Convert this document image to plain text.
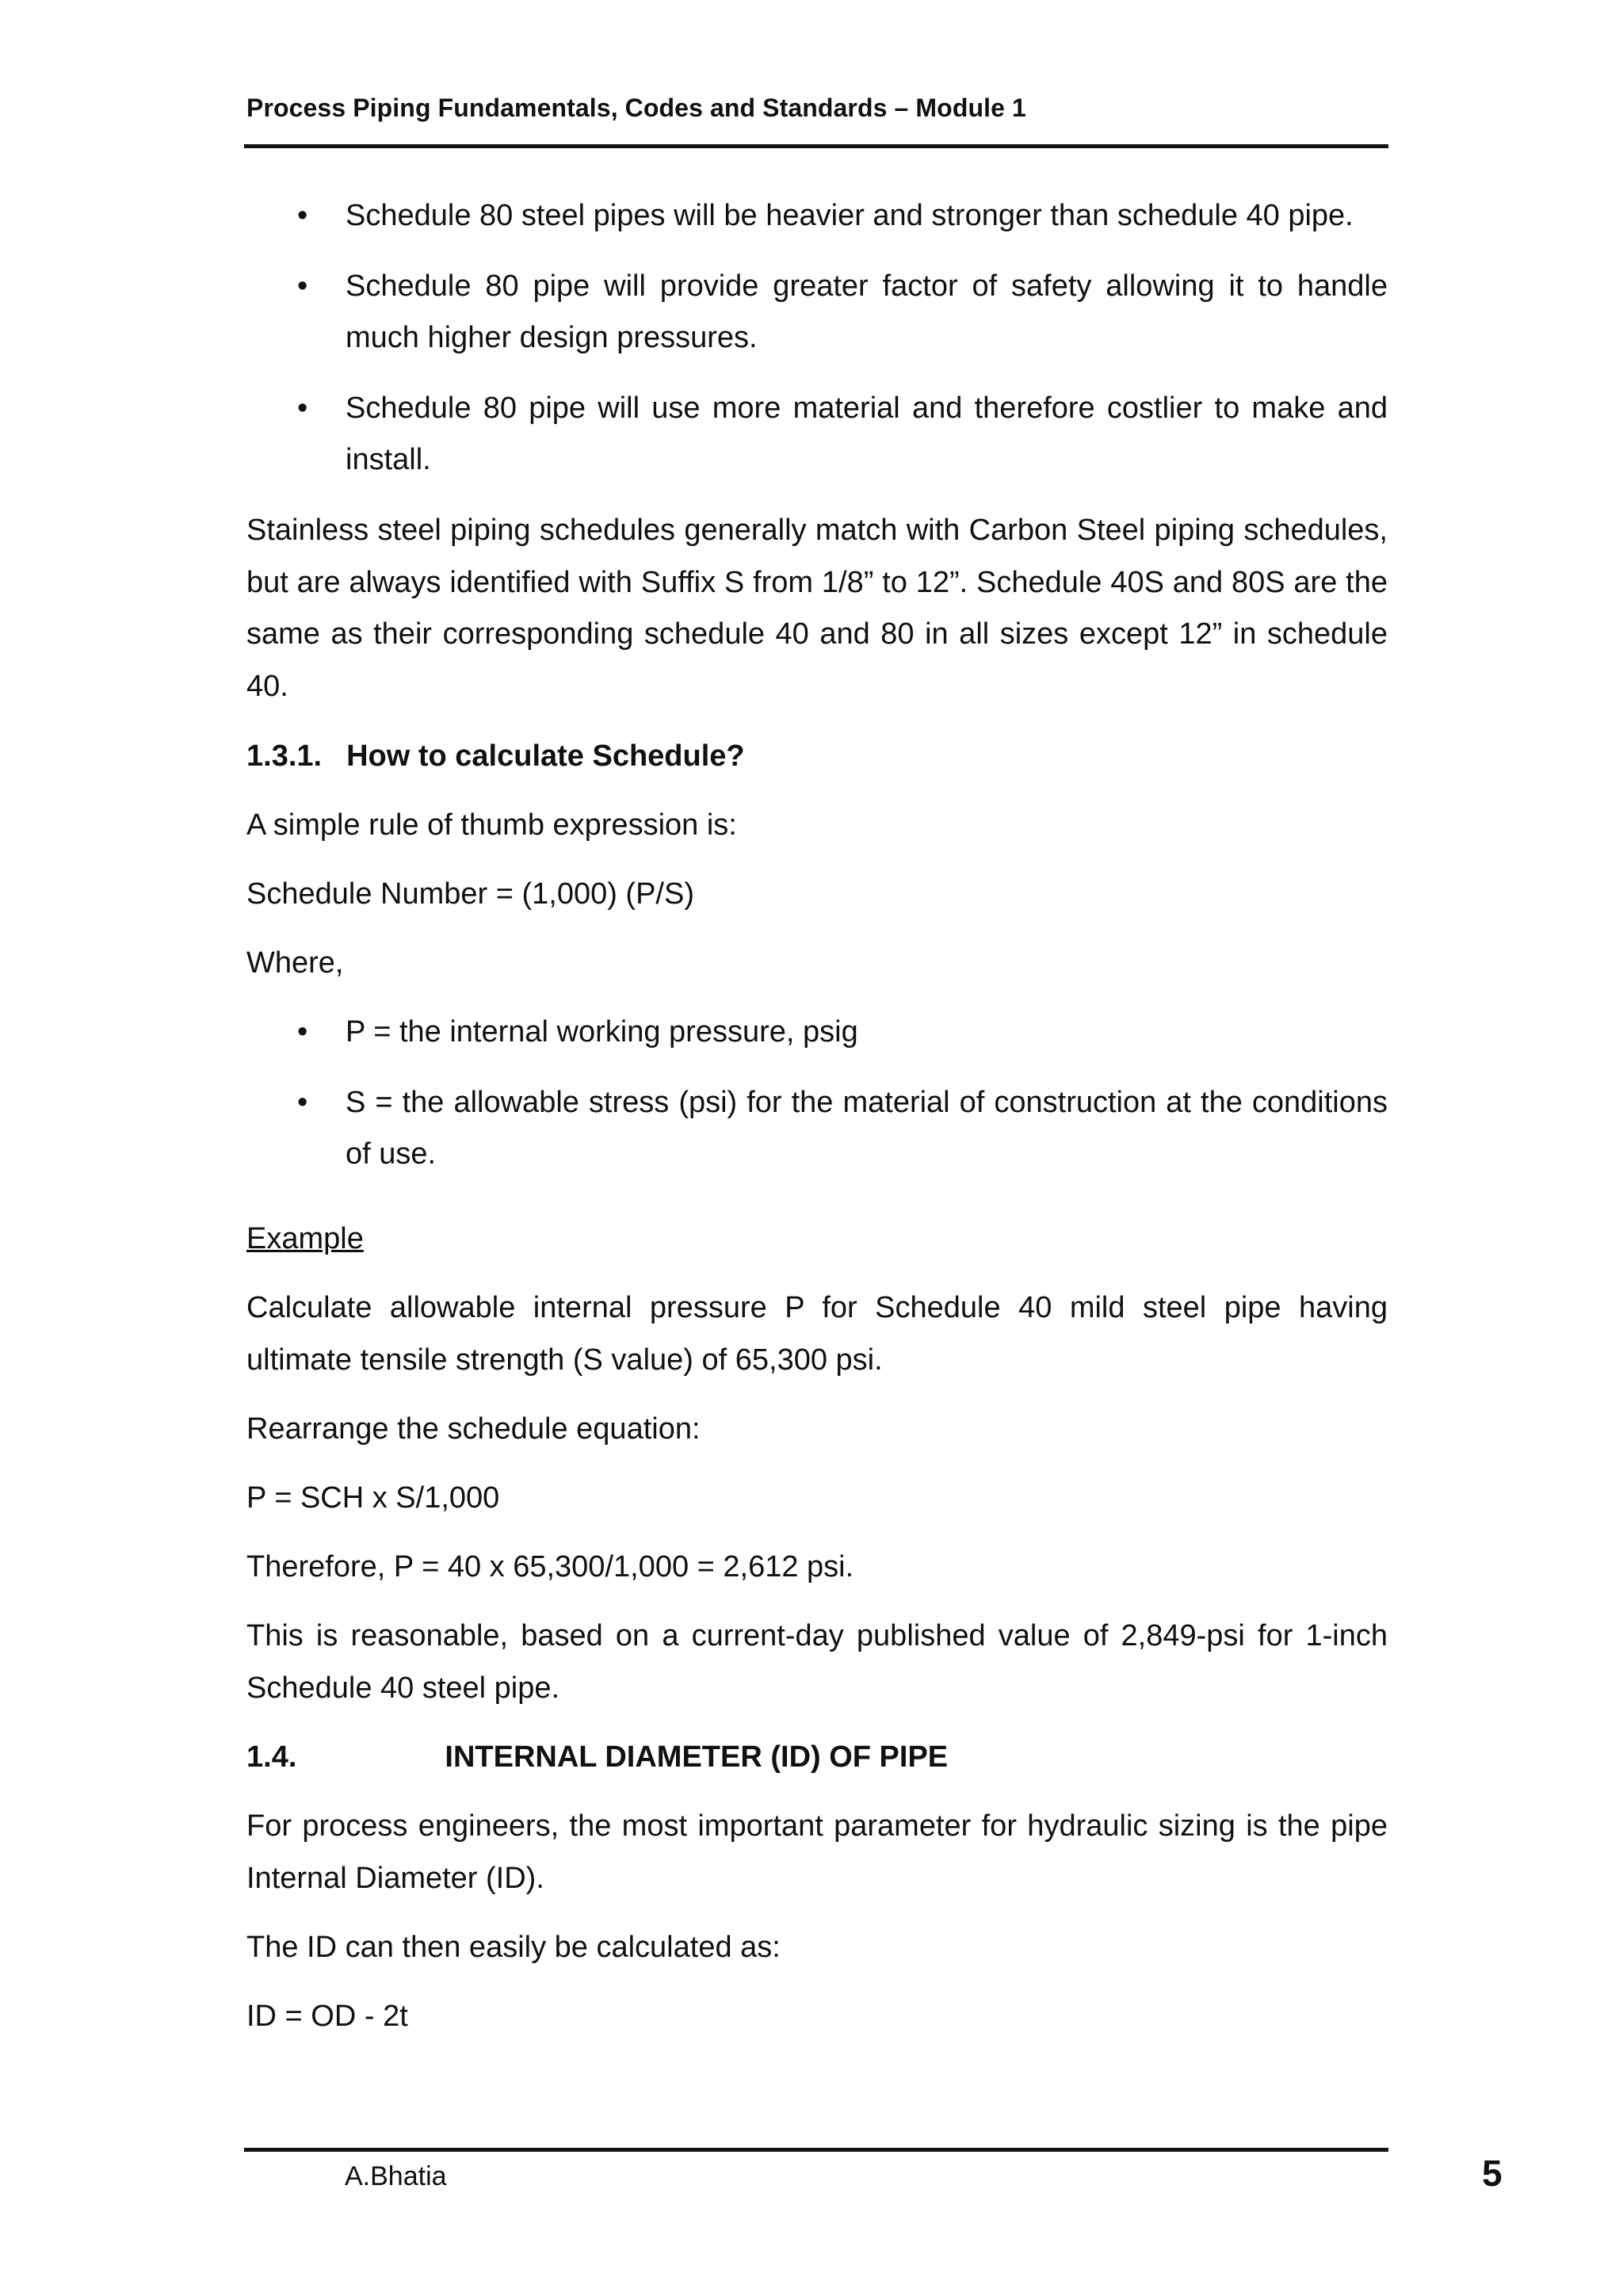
Process Piping Fundamentals, Codes and Standards – Module 1
• Schedule 80 steel pipes will be heavier and stronger than schedule 40 pipe.
• Schedule 80 pipe will provide greater factor of safety allowing it to handle much higher design pressures.
• Schedule 80 pipe will use more material and therefore costlier to make and install.

Stainless steel piping schedules generally match with Carbon Steel piping schedules, but are always identified with Suffix S from 1/8” to 12”. Schedule 40S and 80S are the same as their corresponding schedule 40 and 80 in all sizes except 12” in schedule 40.

1.3.1. How to calculate Schedule?

A simple rule of thumb expression is:

Schedule Number = (1,000) (P/S)

Where,

• P = the internal working pressure, psig
• S = the allowable stress (psi) for the material of construction at the conditions of use.

Example

Calculate allowable internal pressure P for Schedule 40 mild steel pipe having ultimate tensile strength (S value) of 65,300 psi.

Rearrange the schedule equation:

P = SCH x S/1,000

Therefore, P = 40 x 65,300/1,000 = 2,612 psi.

This is reasonable, based on a current-day published value of 2,849-psi for 1-inch Schedule 40 steel pipe.

1.4.	INTERNAL DIAMETER (ID) OF PIPE

For process engineers, the most important parameter for hydraulic sizing is the pipe Internal Diameter (ID).

The ID can then easily be calculated as:

ID = OD - 2t

A.Bhatia	5
